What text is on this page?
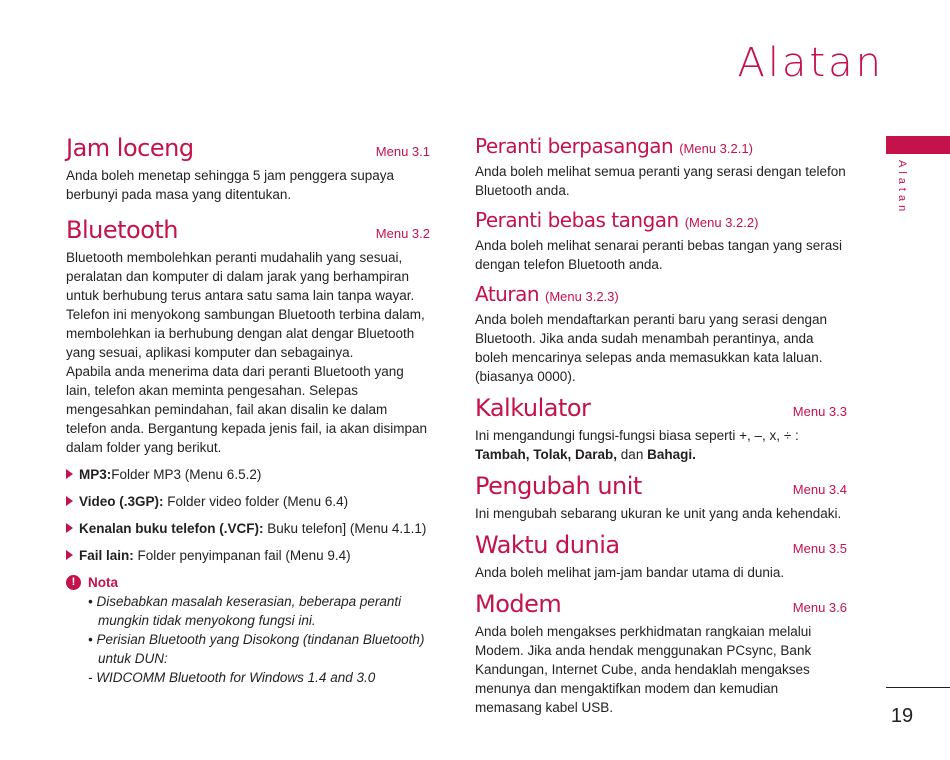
Alatan
Alatan
19
Jam loceng	Menu 3.1

Anda boleh menetap sehingga 5 jam penggera supaya berbunyi pada masa yang ditentukan.

Bluetooth	Menu 3.2

Bluetooth membolehkan peranti mudahalih yang sesuai, peralatan dan komputer di dalam jarak yang berhampiran untuk berhubung terus antara satu sama lain tanpa wayar. Telefon ini menyokong sambungan Bluetooth terbina dalam, membolehkan ia berhubung dengan alat dengar Bluetooth yang sesuai, aplikasi komputer dan sebagainya.

Apabila anda menerima data dari peranti Bluetooth yang lain, telefon akan meminta pengesahan. Selepas mengesahkan pemindahan, fail akan disalin ke dalam telefon anda. Bergantung kepada jenis fail, ia akan disimpan dalam folder yang berikut.

MP3:Folder MP3 (Menu 6.5.2)
Video (.3GP): Folder video folder (Menu 6.4)
Kenalan buku telefon (.VCF): Buku telefon] (Menu 4.1.1)
Fail lain: Folder penyimpanan fail (Menu 9.4)
! Nota
• Disebabkan masalah keserasian, beberapa peranti mungkin tidak menyokong fungsi ini.
• Perisian Bluetooth yang Disokong (tindanan Bluetooth) untuk DUN:
- WIDCOMM Bluetooth for Windows 1.4 and 3.0
Peranti berpasangan (Menu 3.2.1)

Anda boleh melihat semua peranti yang serasi dengan telefon Bluetooth anda.

Peranti bebas tangan (Menu 3.2.2)

Anda boleh melihat senarai peranti bebas tangan yang serasi dengan telefon Bluetooth anda.

Aturan (Menu 3.2.3)

Anda boleh mendaftarkan peranti baru yang serasi dengan Bluetooth. Jika anda sudah menambah perantinya, anda boleh mencarinya selepas anda memasukkan kata laluan. (biasanya 0000).

Kalkulator	Menu 3.3

Ini mengandungi fungsi-fungsi biasa seperti +, –, x, ÷ :
Tambah, Tolak, Darab, dan Bahagi.

Pengubah unit	Menu 3.4

Ini mengubah sebarang ukuran ke unit yang anda kehendaki.

Waktu dunia	Menu 3.5

Anda boleh melihat jam-jam bandar utama di dunia.

Modem	Menu 3.6

Anda boleh mengakses perkhidmatan rangkaian melalui Modem. Jika anda hendak menggunakan PCsync, Bank Kandungan, Internet Cube, anda hendaklah mengakses menunya dan mengaktifkan modem dan kemudian memasang kabel USB.
